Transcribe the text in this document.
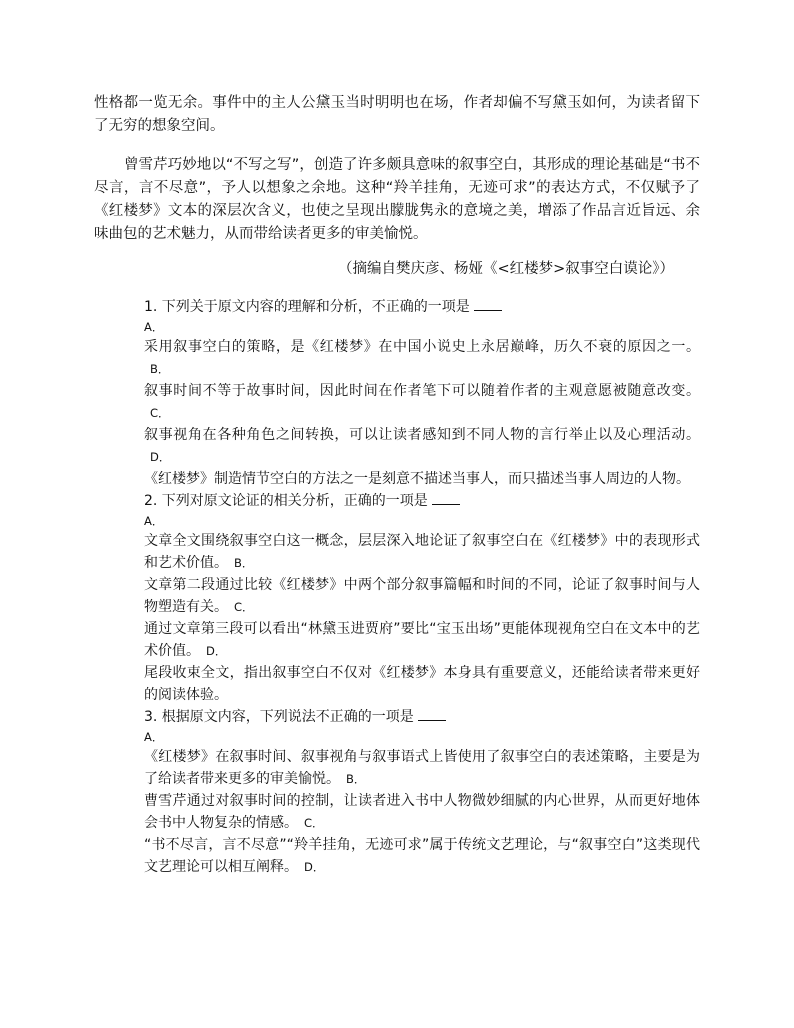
性格都一览无余。事件中的主人公黛玉当时明明也在场，作者却偏不写黛玉如何，为读者留下了无穷的想象空间。

曾雪芹巧妙地以“不写之写”，创造了许多颇具意味的叙事空白，其形成的理论基础是“书不尽言，言不尽意”，予人以想象之余地。这种“羚羊挂角，无迹可求”的表达方式，不仅赋予了《红楼梦》文本的深层次含义，也使之呈现出朦胧隽永的意境之美，增添了作品言近旨远、余味曲包的艺术魅力，从而带给读者更多的审美愉悦。

（摘编自樊庆彦、杨娅《<红楼梦>叙事空白谟论》）

1. 下列关于原文内容的理解和分析，不正确的一项是

A．

采用叙事空白的策略，是《红楼梦》在中国小说史上永居巅峰，历久不衰的原因之一。B．

叙事时间不等于故事时间，因此时间在作者笔下可以随着作者的主观意愿被随意改变。C．

叙事视角在各种角色之间转换，可以让读者感知到不同人物的言行举止以及心理活动。D．

《红楼梦》制造情节空白的方法之一是刻意不描述当事人，而只描述当事人周边的人物。

2. 下列对原文论证的相关分析，正确的一项是

A．

文章全文围绕叙事空白这一概念，层层深入地论证了叙事空白在《红楼梦》中的表现形式和艺术价值。 B．

文章第二段通过比较《红楼梦》中两个部分叙事篇幅和时间的不同，论证了叙事时间与人物塑造有关。 C．

通过文章第三段可以看出“林黛玉进贾府”要比“宝玉出场”更能体现视角空白在文本中的艺术价值。 D．

尾段收束全文，指出叙事空白不仅对《红楼梦》本身具有重要意义，还能给读者带来更好的阅读体验。

3. 根据原文内容，下列说法不正确的一项是

A．

《红楼梦》在叙事时间、叙事视角与叙事语式上皆使用了叙事空白的表述策略，主要是为了给读者带来更多的审美愉悦。 B．

曹雪芹通过对叙事时间的控制，让读者进入书中人物微妙细腻的内心世界，从而更好地体会书中人物复杂的情感。 C．

“书不尽言，言不尽意”“羚羊挂角，无迹可求”属于传统文艺理论，与“叙事空白”这类现代文艺理论可以相互阐释。 D．
